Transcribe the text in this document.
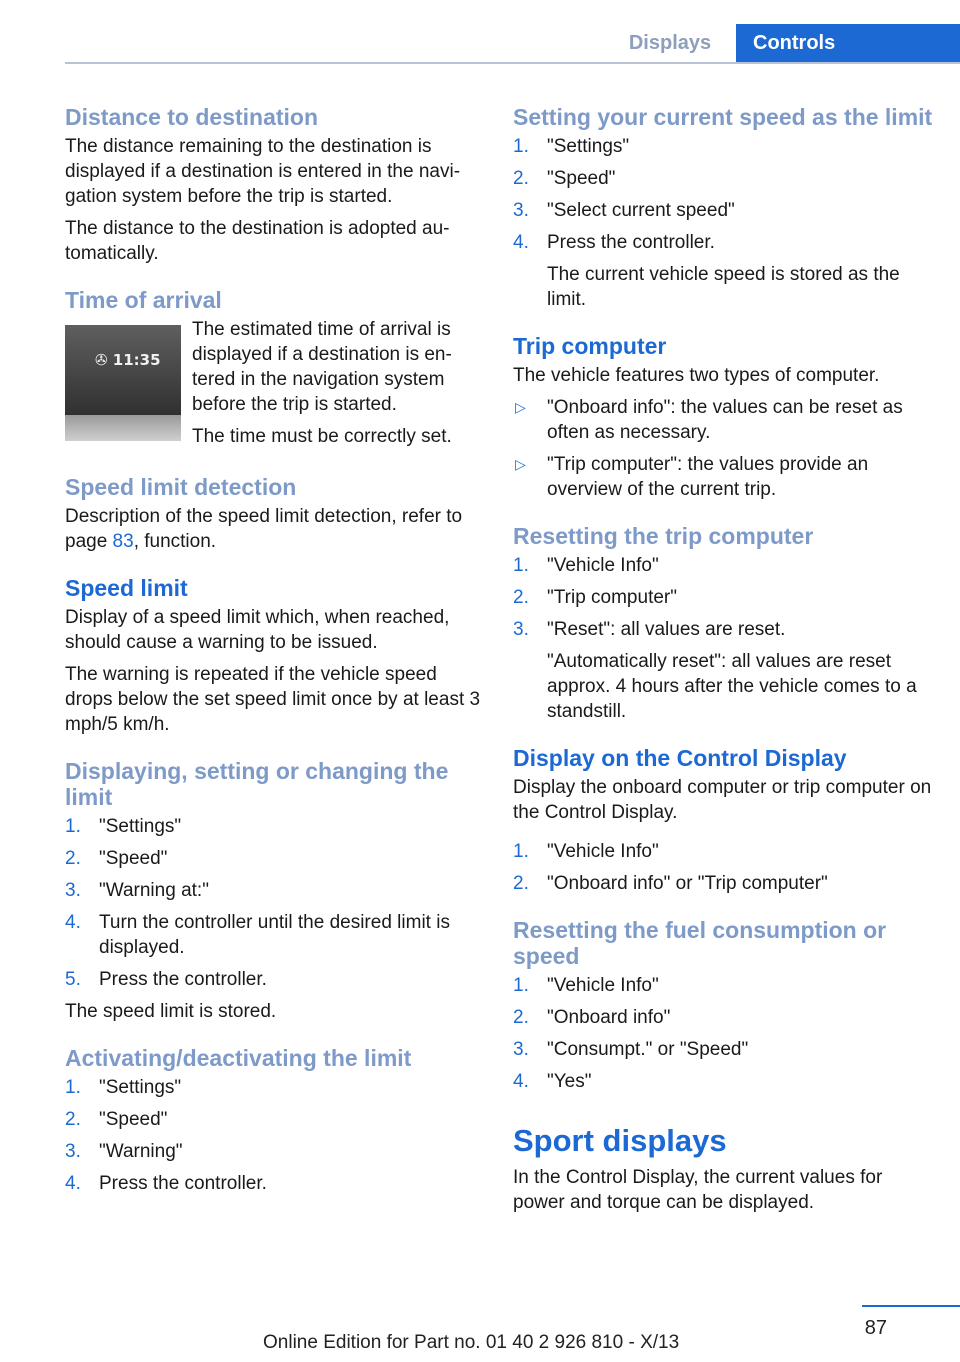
Displays	Controls
Distance to destination

The distance remaining to the destination is displayed if a destination is entered in the navigation system before the trip is started.

The distance to the destination is adopted automatically.

Time of arrival
✇ 11:35

The estimated time of arrival is displayed if a destination is entered in the navigation system before the trip is started.

The time must be correctly set.

Speed limit detection

Description of the speed limit detection, refer to page 83, function.

Speed limit

Display of a speed limit which, when reached, should cause a warning to be issued.

The warning is repeated if the vehicle speed drops below the set speed limit once by at least 3 mph/5 km/h.

Displaying, setting or changing the limit
1. "Settings"
2. "Speed"
3. "Warning at:"
4. Turn the controller until the desired limit is displayed.
5. Press the controller.

The speed limit is stored.

Activating/deactivating the limit
1. "Settings"
2. "Speed"
3. "Warning"
4. Press the controller.
Setting your current speed as the limit
1. "Settings"
2. "Speed"
3. "Select current speed"
4. Press the controller.
The current vehicle speed is stored as the limit.
Trip computer

The vehicle features two types of computer.

▷ "Onboard info": the values can be reset as often as necessary.
▷ "Trip computer": the values provide an overview of the current trip.
Resetting the trip computer
1. "Vehicle Info"
2. "Trip computer"
3. "Reset": all values are reset.
"Automatically reset": all values are reset approx. 4 hours after the vehicle comes to a standstill.
Display on the Control Display

Display the onboard computer or trip computer on the Control Display.

1. "Vehicle Info"
2. "Onboard info" or "Trip computer"
Resetting the fuel consumption or speed
1. "Vehicle Info"
2. "Onboard info"
3. "Consumpt." or "Speed"
4. "Yes"
Sport displays

In the Control Display, the current values for power and torque can be displayed.

87
Online Edition for Part no. 01 40 2 926 810 - X/13
